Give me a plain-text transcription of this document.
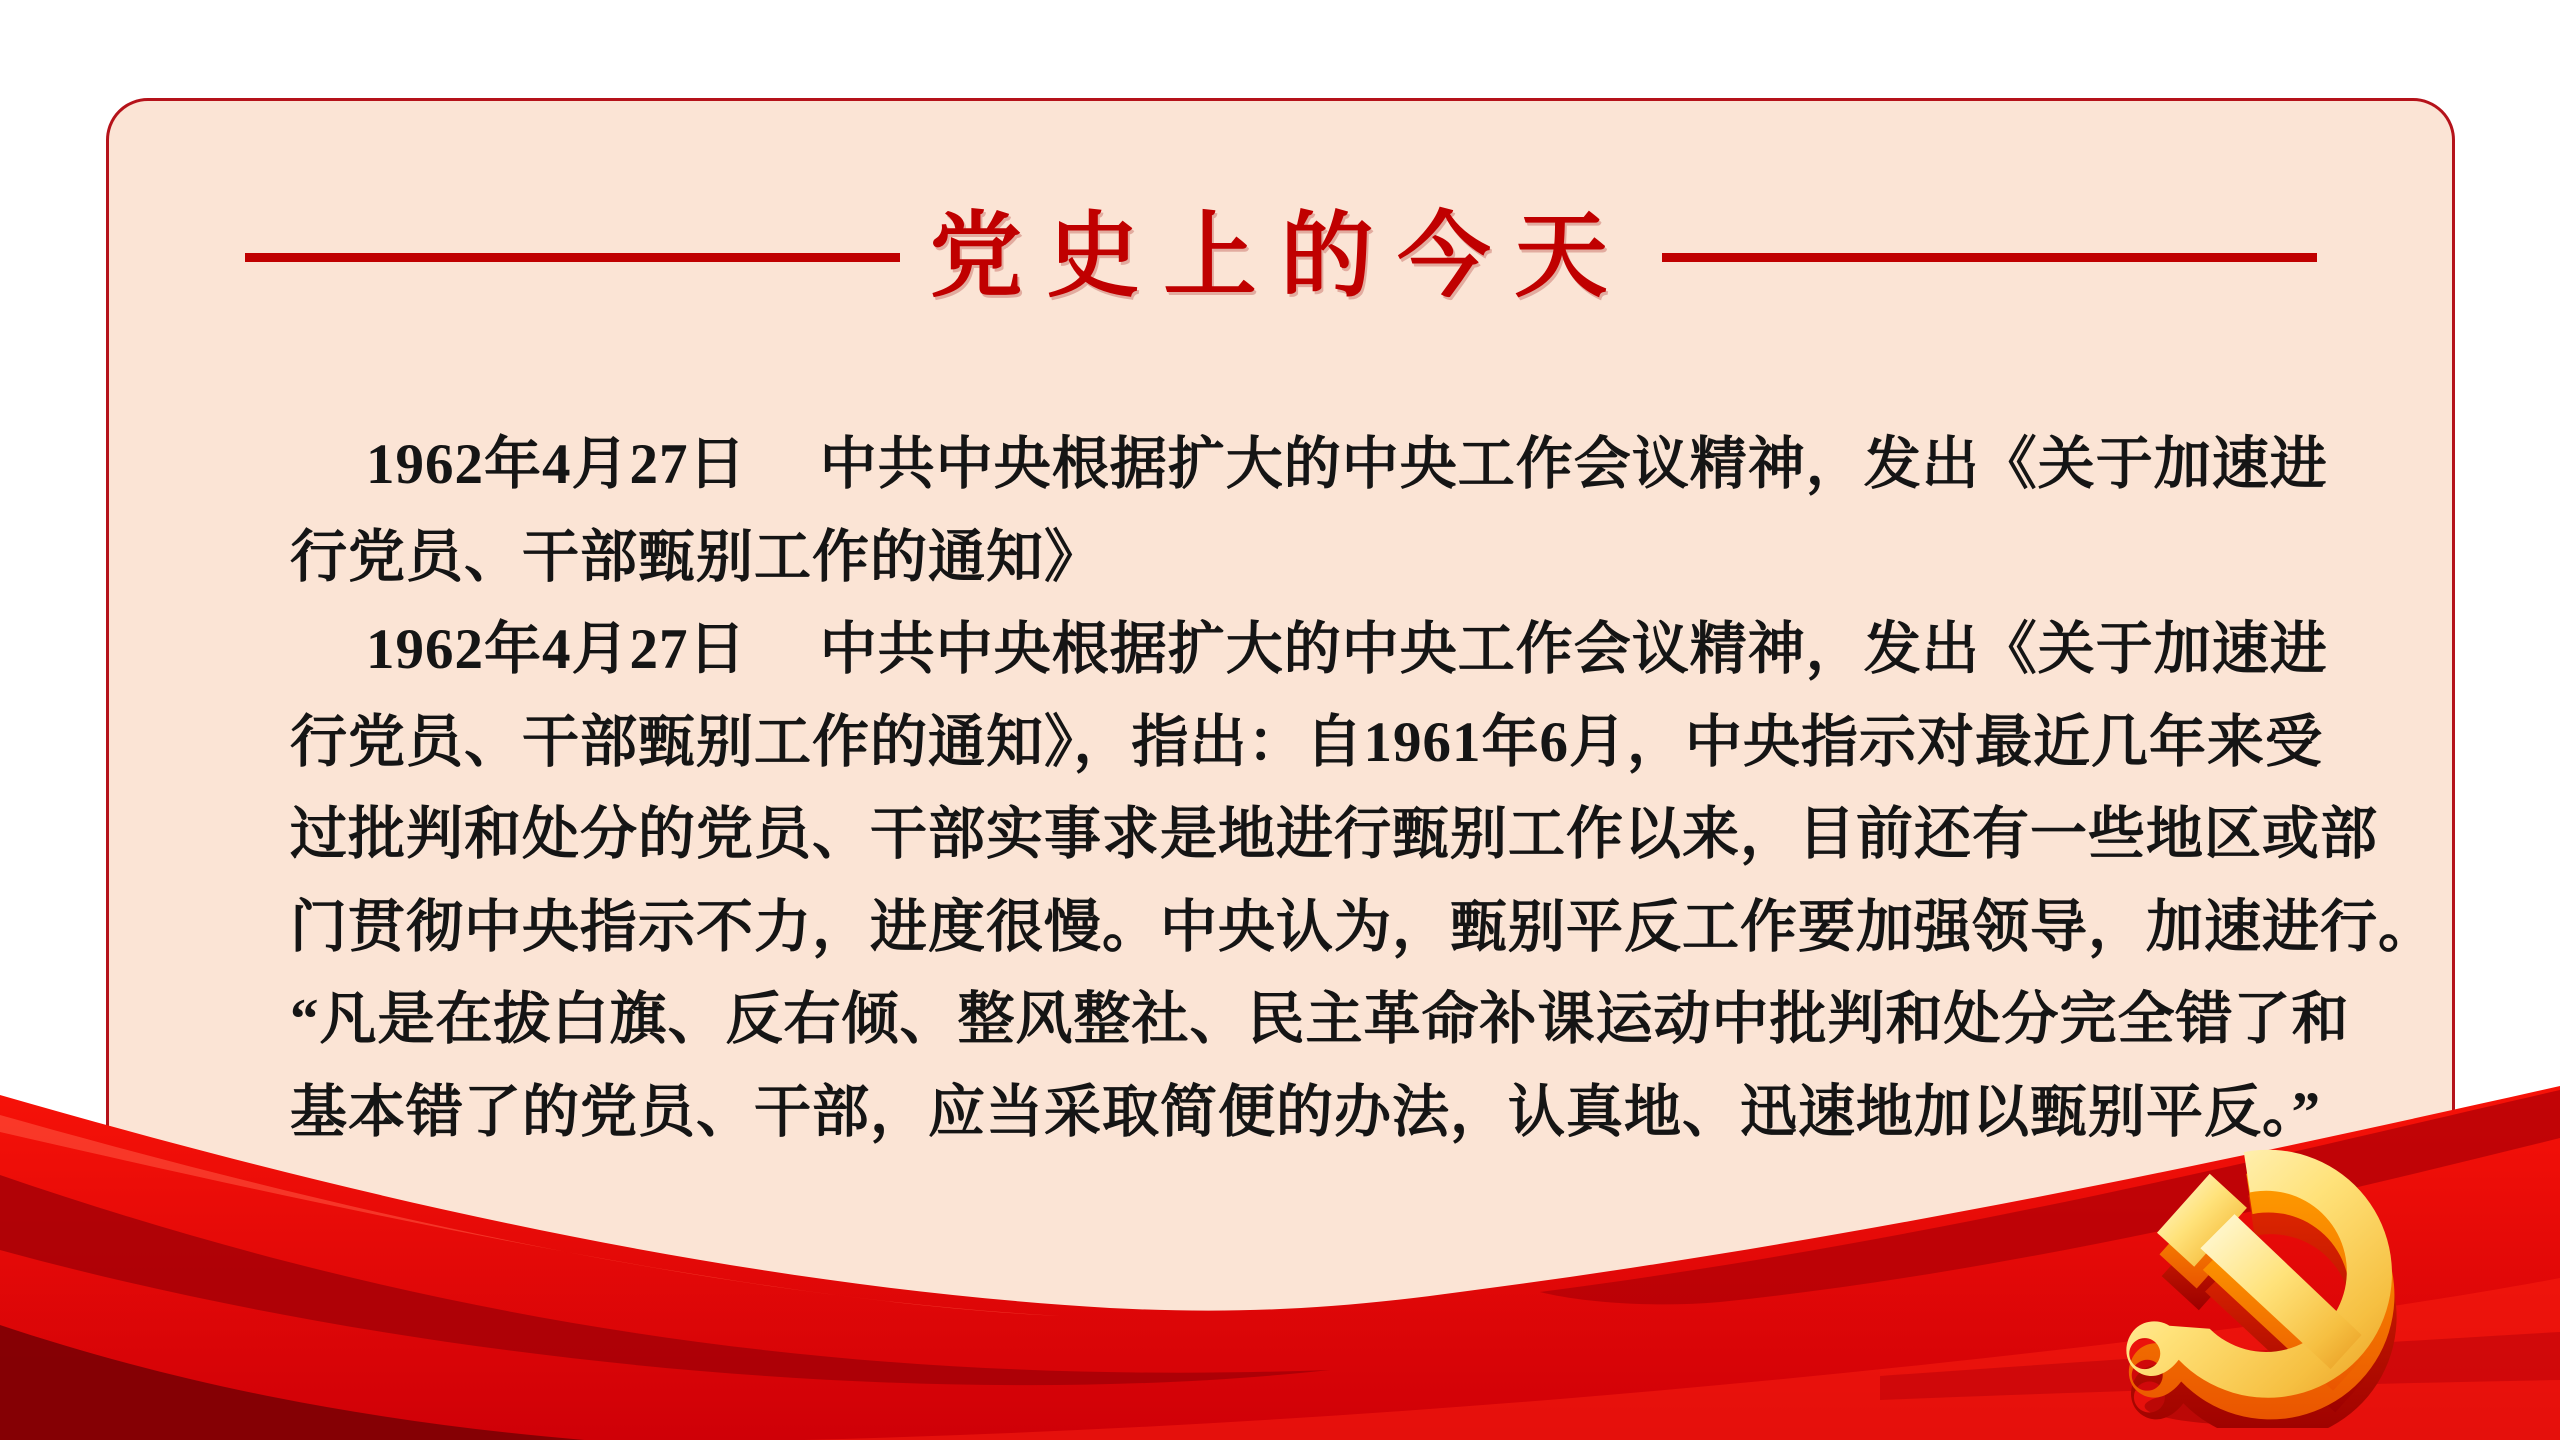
党史上的今天
1962年4月27日　 中共中央根据扩大的中央工作会议精神，发出《关于加速进
行党员、干部甄别工作的通知》
1962年4月27日　 中共中央根据扩大的中央工作会议精神，发出《关于加速进
行党员、干部甄别工作的通知》，指出：自1961年6月，中央指示对最近几年来受
过批判和处分的党员、干部实事求是地进行甄别工作以来，目前还有一些地区或部
门贯彻中央指示不力，进度很慢。中央认为，甄别平反工作要加强领导，加速进行。
“凡是在拔白旗、反右倾、整风整社、民主革命补课运动中批判和处分完全错了和
基本错了的党员、干部，应当采取简便的办法，认真地、迅速地加以甄别平反。”
